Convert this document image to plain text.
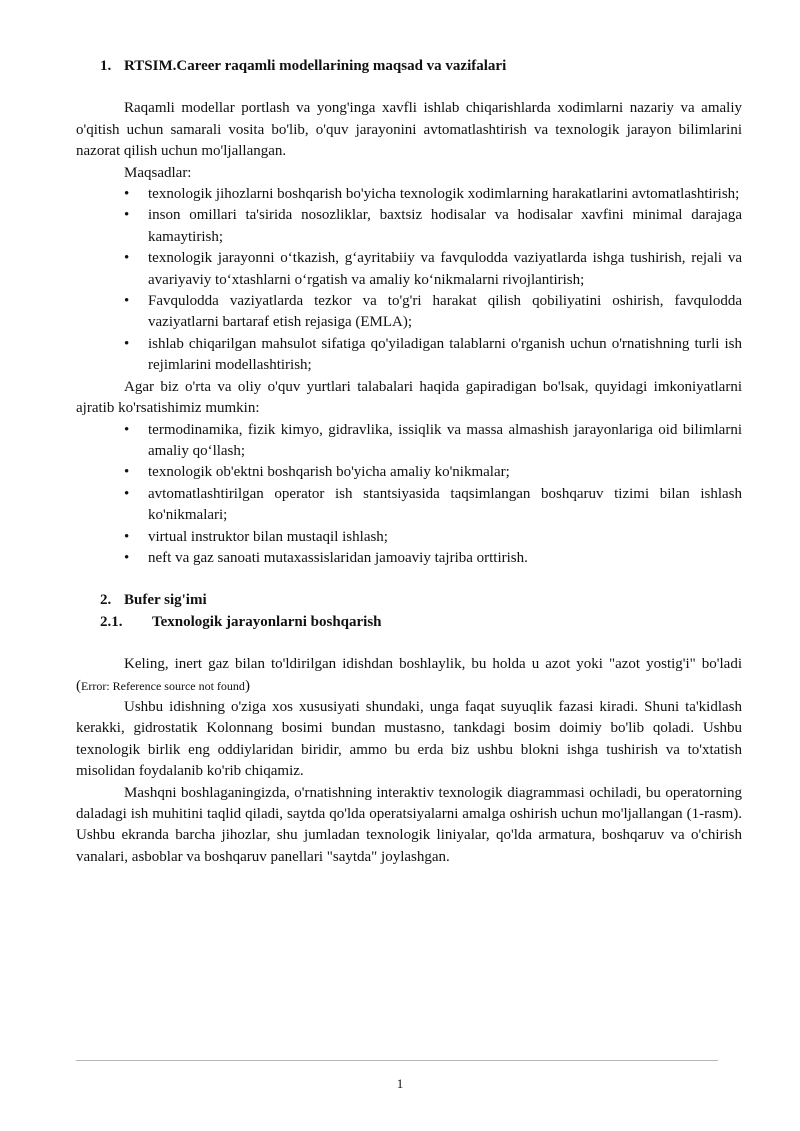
1. RTSIM.Career raqamli modellarining maqsad va vazifalari

Raqamli modellar portlash va yong'inga xavfli ishlab chiqarishlarda xodimlarni nazariy va amaliy o'qitish uchun samarali vosita bo'lib, o'quv jarayonini avtomatlashtirish va texnologik jarayon bilimlarini nazorat qilish uchun mo'ljallangan.

Maqsadlar:

• texnologik jihozlarni boshqarish bo'yicha texnologik xodimlarning harakatlarini avtomatlashtirish;
• inson omillari ta'sirida nosozliklar, baxtsiz hodisalar va hodisalar xavfini minimal darajaga kamaytirish;
• texnologik jarayonni o‘tkazish, g‘ayritabiiy va favqulodda vaziyatlarda ishga tushirish, rejali va avariyaviy to‘xtashlarni o‘rgatish va amaliy ko‘nikmalarni rivojlantirish;
• Favqulodda vaziyatlarda tezkor va to'g'ri harakat qilish qobiliyatini oshirish, favqulodda vaziyatlarni bartaraf etish rejasiga (EMLA);
• ishlab chiqarilgan mahsulot sifatiga qo'yiladigan talablarni o'rganish uchun o'rnatishning turli ish rejimlarini modellashtirish;

Agar biz o'rta va oliy o'quv yurtlari talabalari haqida gapiradigan bo'lsak, quyidagi imkoniyatlarni ajratib ko'rsatishimiz mumkin:

• termodinamika, fizik kimyo, gidravlika, issiqlik va massa almashish jarayonlariga oid bilimlarni amaliy qo‘llash;
• texnologik ob'ektni boshqarish bo'yicha amaliy ko'nikmalar;
• avtomatlashtirilgan operator ish stantsiyasida taqsimlangan boshqaruv tizimi bilan ishlash ko'nikmalari;
• virtual instruktor bilan mustaqil ishlash;
• neft va gaz sanoati mutaxassislaridan jamoaviy tajriba orttirish.
2. Bufer sig'imi
2.1. Texnologik jarayonlarni boshqarish

Keling, inert gaz bilan to'ldirilgan idishdan boshlaylik, bu holda u azot yoki "azot yostig'i" bo'ladi (Error: Reference source not found)

Ushbu idishning o'ziga xos xususiyati shundaki, unga faqat suyuqlik fazasi kiradi. Shuni ta'kidlash kerakki, gidrostatik Kolonnang bosimi bundan mustasno, tankdagi bosim doimiy bo'lib qoladi. Ushbu texnologik birlik eng oddiylaridan biridir, ammo bu erda biz ushbu blokni ishga tushirish va to'xtatish misolidan foydalanib ko'rib chiqamiz.

Mashqni boshlaganingizda, o'rnatishning interaktiv texnologik diagrammasi ochiladi, bu operatorning daladagi ish muhitini taqlid qiladi, saytda qo'lda operatsiyalarni amalga oshirish uchun mo'ljallangan (1-rasm). Ushbu ekranda barcha jihozlar, shu jumladan texnologik liniyalar, qo'lda armatura, boshqaruv va o'chirish vanalari, asboblar va boshqaruv panellari "saytda" joylashgan.

1
